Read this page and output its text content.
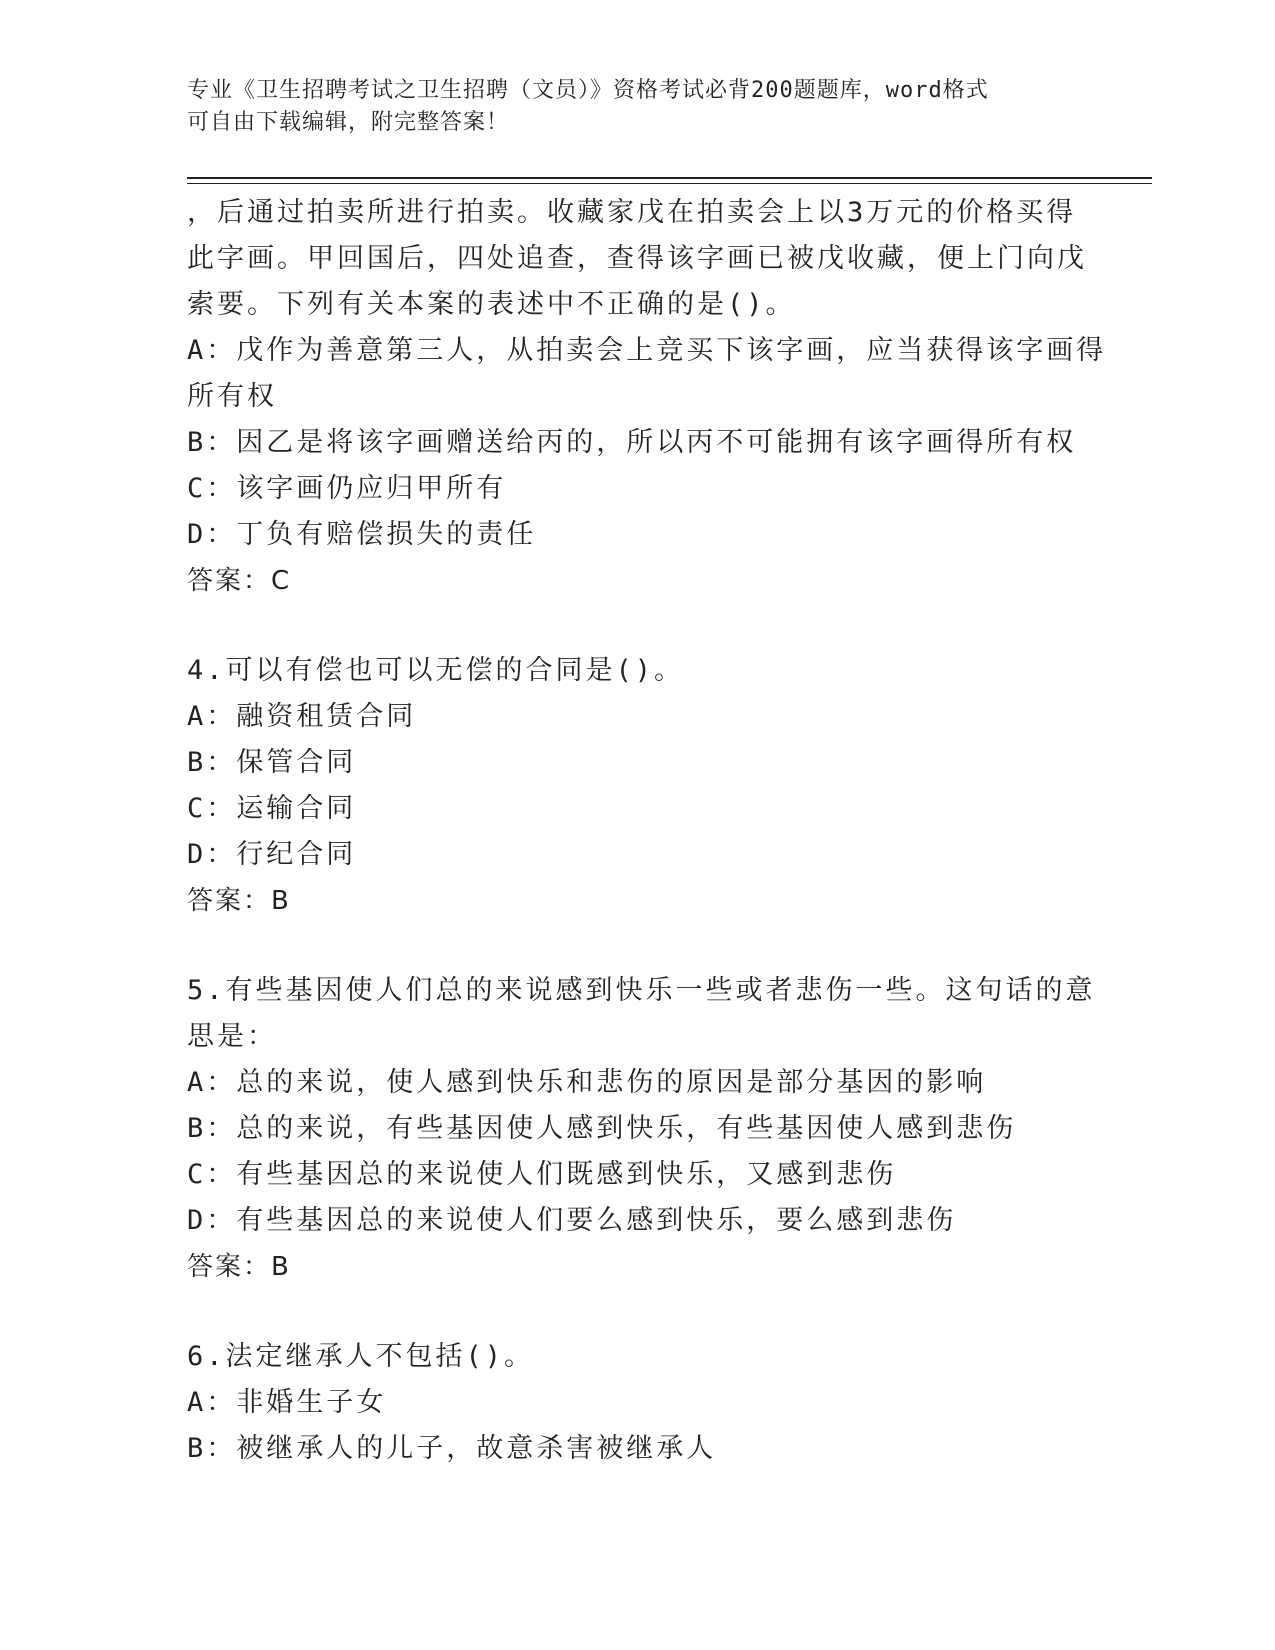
专业《卫生招聘考试之卫生招聘（文员）》资格考试必背200题题库，word格式
可自由下载编辑，附完整答案！
，后通过拍卖所进行拍卖。收藏家戊在拍卖会上以3万元的价格买得
此字画。甲回国后，四处追查，查得该字画已被戊收藏，便上门向戊
索要。下列有关本案的表述中不正确的是()。
A：戊作为善意第三人，从拍卖会上竞买下该字画，应当获得该字画得
所有权
B：因乙是将该字画赠送给丙的，所以丙不可能拥有该字画得所有权
C：该字画仍应归甲所有
D：丁负有赔偿损失的责任
答案：C
4.可以有偿也可以无偿的合同是()。
A：融资租赁合同
B：保管合同
C：运输合同
D：行纪合同
答案：B
5.有些基因使人们总的来说感到快乐一些或者悲伤一些。这句话的意
思是：
A：总的来说，使人感到快乐和悲伤的原因是部分基因的影响
B：总的来说，有些基因使人感到快乐，有些基因使人感到悲伤
C：有些基因总的来说使人们既感到快乐，又感到悲伤
D：有些基因总的来说使人们要么感到快乐，要么感到悲伤
答案：B
6.法定继承人不包括()。
A：非婚生子女
B：被继承人的儿子，故意杀害被继承人
